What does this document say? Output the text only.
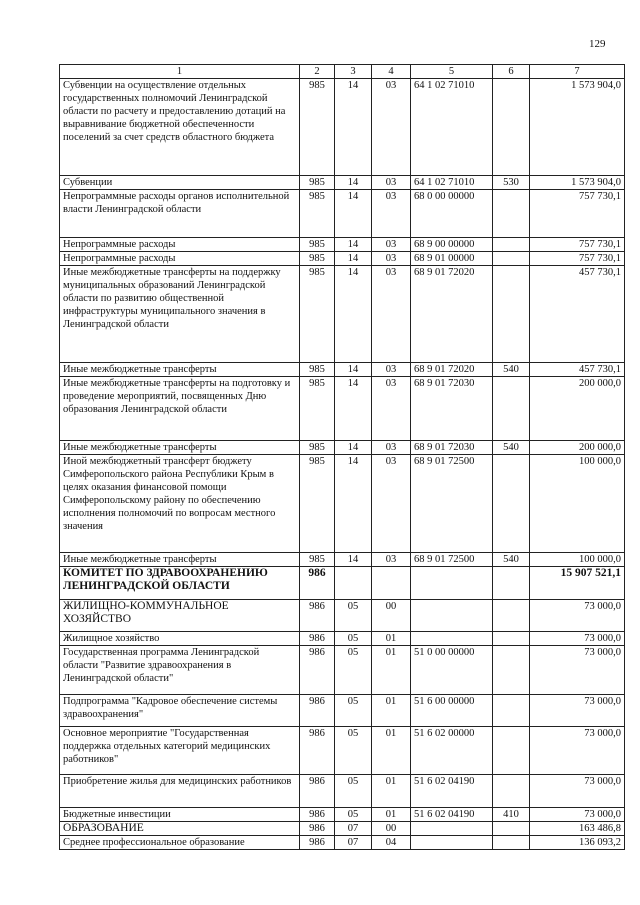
129
1	2	3	4	5	6	7
Субвенции на осуществление отдельных государственных полномочий Ленинградской области по расчету и предоставлению дотаций на выравнивание бюджетной обеспеченности поселений за счет средств областного бюджета	985	14	03	64 1 02 71010		1 573 904,0
Субвенции	985	14	03	64 1 02 71010	530	1 573 904,0
Непрограммные расходы органов исполнительной власти Ленинградской области	985	14	03	68 0 00 00000		757 730,1
Непрограммные расходы	985	14	03	68 9 00 00000		757 730,1
Непрограммные расходы	985	14	03	68 9 01 00000		757 730,1
Иные межбюджетные трансферты на поддержку муниципальных образований Ленинградской области по развитию общественной инфраструктуры муниципального значения в Ленинградской области	985	14	03	68 9 01 72020		457 730,1
Иные межбюджетные трансферты	985	14	03	68 9 01 72020	540	457 730,1
Иные межбюджетные трансферты на подготовку и проведение мероприятий, посвященных Дню образования Ленинградской области	985	14	03	68 9 01 72030		200 000,0
Иные межбюджетные трансферты	985	14	03	68 9 01 72030	540	200 000,0
Иной межбюджетный трансферт бюджету Симферопольского района Республики Крым в целях оказания финансовой помощи Симферопольскому району по обеспечению исполнения полномочий по вопросам местного значения	985	14	03	68 9 01 72500		100 000,0
Иные межбюджетные трансферты	985	14	03	68 9 01 72500	540	100 000,0
КОМИТЕТ ПО ЗДРАВООХРАНЕНИЮ ЛЕНИНГРАДСКОЙ ОБЛАСТИ	986					15 907 521,1
ЖИЛИЩНО-КОММУНАЛЬНОЕ ХОЗЯЙСТВО	986	05	00			73 000,0
Жилищное хозяйство	986	05	01			73 000,0
Государственная программа Ленинградской области "Развитие здравоохранения в Ленинградской области"	986	05	01	51 0 00 00000		73 000,0
Подпрограмма "Кадровое обеспечение системы здравоохранения"	986	05	01	51 6 00 00000		73 000,0
Основное мероприятие "Государственная поддержка отдельных категорий медицинских работников"	986	05	01	51 6 02 00000		73 000,0
Приобретение жилья для медицинских работников	986	05	01	51 6 02 04190		73 000,0
Бюджетные инвестиции	986	05	01	51 6 02 04190	410	73 000,0
ОБРАЗОВАНИЕ	986	07	00			163 486,8
Среднее профессиональное образование	986	07	04			136 093,2
